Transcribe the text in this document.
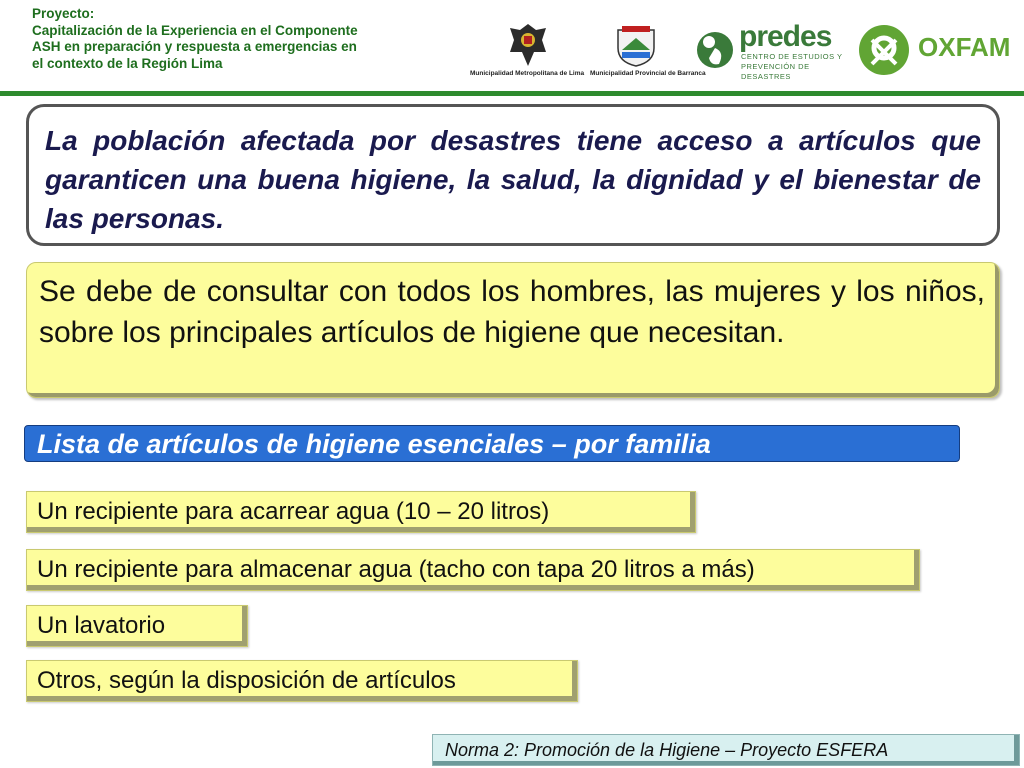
Proyecto:
Capitalización de la Experiencia en el Componente
ASH en preparación y respuesta a emergencias en
el contexto de la Región Lima
Municipalidad Metropolitana de Lima Municipalidad Provincial de Barranca
predes
CENTRO DE ESTUDIOS Y
PREVENCIÓN DE DESASTRES
OXFAM

La población afectada por desastres tiene acceso a artículos que garanticen una buena higiene, la salud, la dignidad y el bienestar de las personas.

Se debe de consultar con todos los hombres, las mujeres y los niños, sobre los principales artículos de higiene que necesitan.

Lista de artículos de higiene esenciales – por familia
Un recipiente para acarrear agua (10 – 20 litros)
Un recipiente para almacenar agua (tacho con tapa 20 litros a más)
Un lavatorio
Otros, según la disposición de artículos
Norma 2: Promoción de la Higiene – Proyecto ESFERA
